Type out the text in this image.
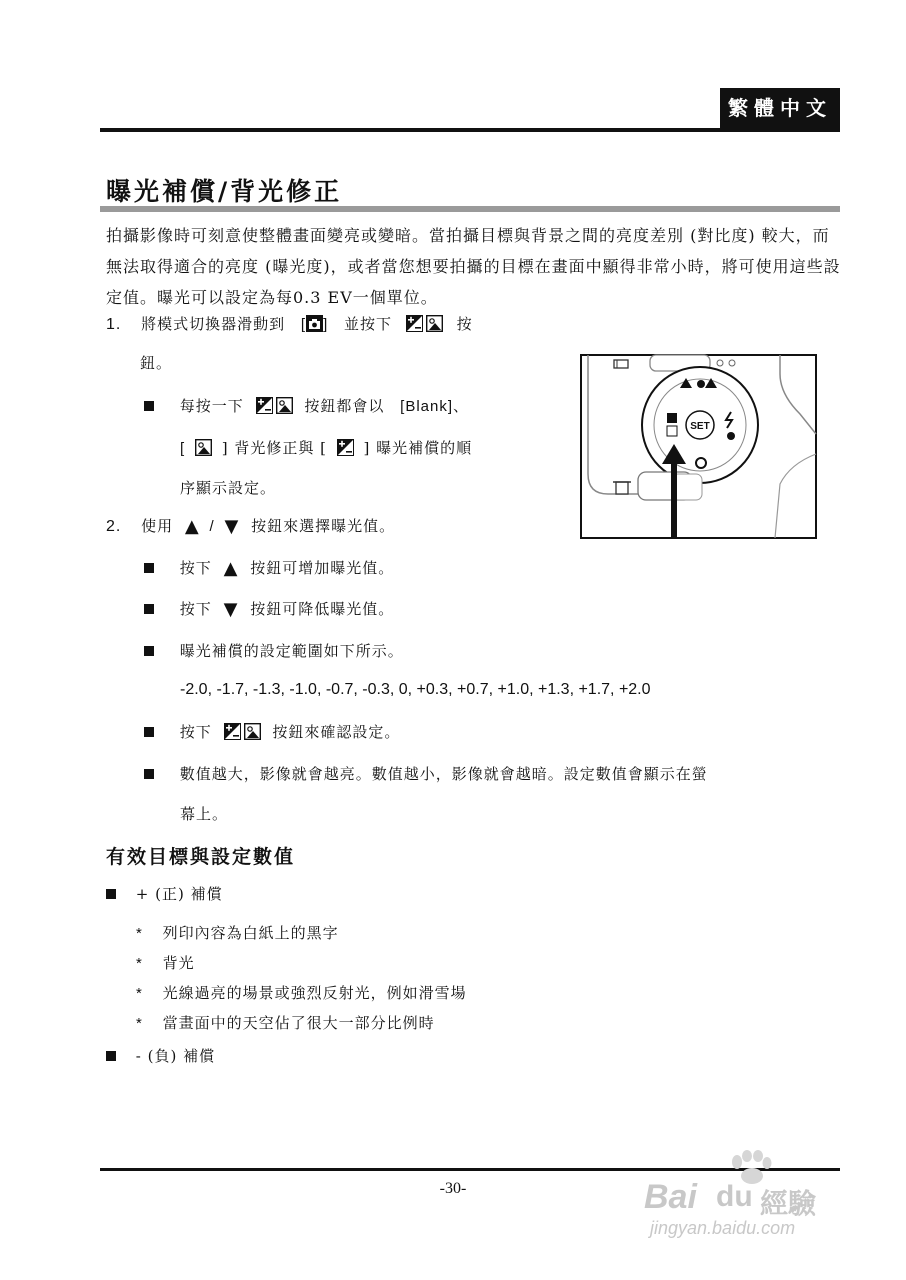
繁體中文
曝光補償/背光修正

拍攝影像時可刻意使整體畫面變亮或變暗。當拍攝目標與背景之間的亮度差別 (對比度) 較大，而無法取得適合的亮度 (曝光度)，或者當您想要拍攝的目標在畫面中顯得非常小時，將可使用這些設定值。曝光可以設定為每0.3 EV一個單位。

1. 將模式切換器滑動到 [ ] 並按下	按
鈕。
每按一下	按鈕都會以 [Blank]、
[ ] 背光修正與 [ ] 曝光補償的順
序顯示設定。
SET
2. 使用 ▲ / ▼ 按鈕來選擇曝光值。
按下 ▲ 按鈕可增加曝光值。
按下 ▼ 按鈕可降低曝光值。
曝光補償的設定範圍如下所示。
-2.0, -1.7, -1.3, -1.0, -0.7, -0.3, 0, +0.3, +0.7, +1.0, +1.3, +1.7, +2.0
按下	按鈕來確認設定。
數值越大，影像就會越亮。數值越小，影像就會越暗。設定數值會顯示在螢
幕上。
有效目標與設定數值
+ (正) 補償
* 列印內容為白紙上的黑字
* 背光
* 光線過亮的場景或強烈反射光，例如滑雪場
* 當畫面中的天空佔了很大一部分比例時
- (負) 補償
-30-	Bai du 經驗
jingyan.baidu.com
